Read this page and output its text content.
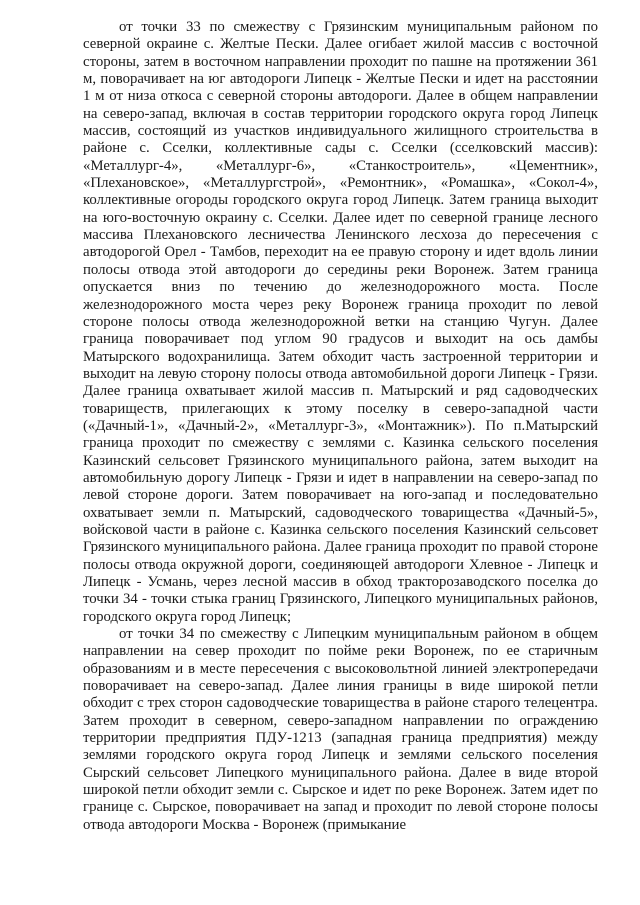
от точки 33 по смежеству с Грязинским муниципальным районом по северной окраине с. Желтые Пески. Далее огибает жилой массив с восточной стороны, затем в восточном направлении проходит по пашне на протяжении 361 м, поворачивает на юг автодороги Липецк - Желтые Пески и идет на расстоянии 1 м от низа откоса с северной стороны автодороги. Далее в общем направлении на северо-запад, включая в состав территории городского округа город Липецк массив, состоящий из участков индивидуального жилищного строительства в районе с. Сселки, коллективные сады с. Сселки (сселковский массив): «Металлург-4», «Металлург-6», «Станкостроитель», «Цементник», «Плехановское», «Металлургстрой», «Ремонтник», «Ромашка», «Сокол-4», коллективные огороды городского округа город Липецк. Затем граница выходит на юго-восточную окраину с. Сселки. Далее идет по северной границе лесного массива Плехановского лесничества Ленинского лесхоза до пересечения с автодорогой Орел - Тамбов, переходит на ее правую сторону и идет вдоль линии полосы отвода этой автодороги до середины реки Воронеж. Затем граница опускается вниз по течению до железнодорожного моста. После железнодорожного моста через реку Воронеж граница проходит по левой стороне полосы отвода железнодорожной ветки на станцию Чугун. Далее граница поворачивает под углом 90 градусов и выходит на ось дамбы Матырского водохранилища. Затем обходит часть застроенной территории и выходит на левую сторону полосы отвода автомобильной дороги Липецк - Грязи. Далее граница охватывает жилой массив п. Матырский и ряд садоводческих товариществ, прилегающих к этому поселку в северо-западной части («Дачный-1», «Дачный-2», «Металлург-3», «Монтажник»). По п.Матырский граница проходит по смежеству с землями с. Казинка сельского поселения Казинский сельсовет Грязинского муниципального района, затем выходит на автомобильную дорогу Липецк - Грязи и идет в направлении на северо-запад по левой стороне дороги. Затем поворачивает на юго-запад и последовательно охватывает земли п. Матырский, садоводческого товарищества «Дачный-5», войсковой части в районе с. Казинка сельского поселения Казинский сельсовет Грязинского муниципального района. Далее граница проходит по правой стороне полосы отвода окружной дороги, соединяющей автодороги Хлевное - Липецк и Липецк - Усмань, через лесной массив в обход тракторозаводского поселка до точки 34 - точки стыка границ Грязинского, Липецкого муниципальных районов, городского округа город Липецк;

от точки 34 по смежеству с Липецким муниципальным районом в общем направлении на север проходит по пойме реки Воронеж, по ее старичным образованиям и в месте пересечения с высоковольтной линией электропередачи поворачивает на северо-запад. Далее линия границы в виде широкой петли обходит с трех сторон садоводческие товарищества в районе старого телецентра. Затем проходит в северном, северо-западном направлении по ограждению территории предприятия ПДУ-1213 (западная граница предприятия) между землями городского округа город Липецк и землями сельского поселения Сырский сельсовет Липецкого муниципального района. Далее в виде второй широкой петли обходит земли с. Сырское и идет по реке Воронеж. Затем идет по границе с. Сырское, поворачивает на запад и проходит по левой стороне полосы отвода автодороги Москва - Воронеж (примыкание
